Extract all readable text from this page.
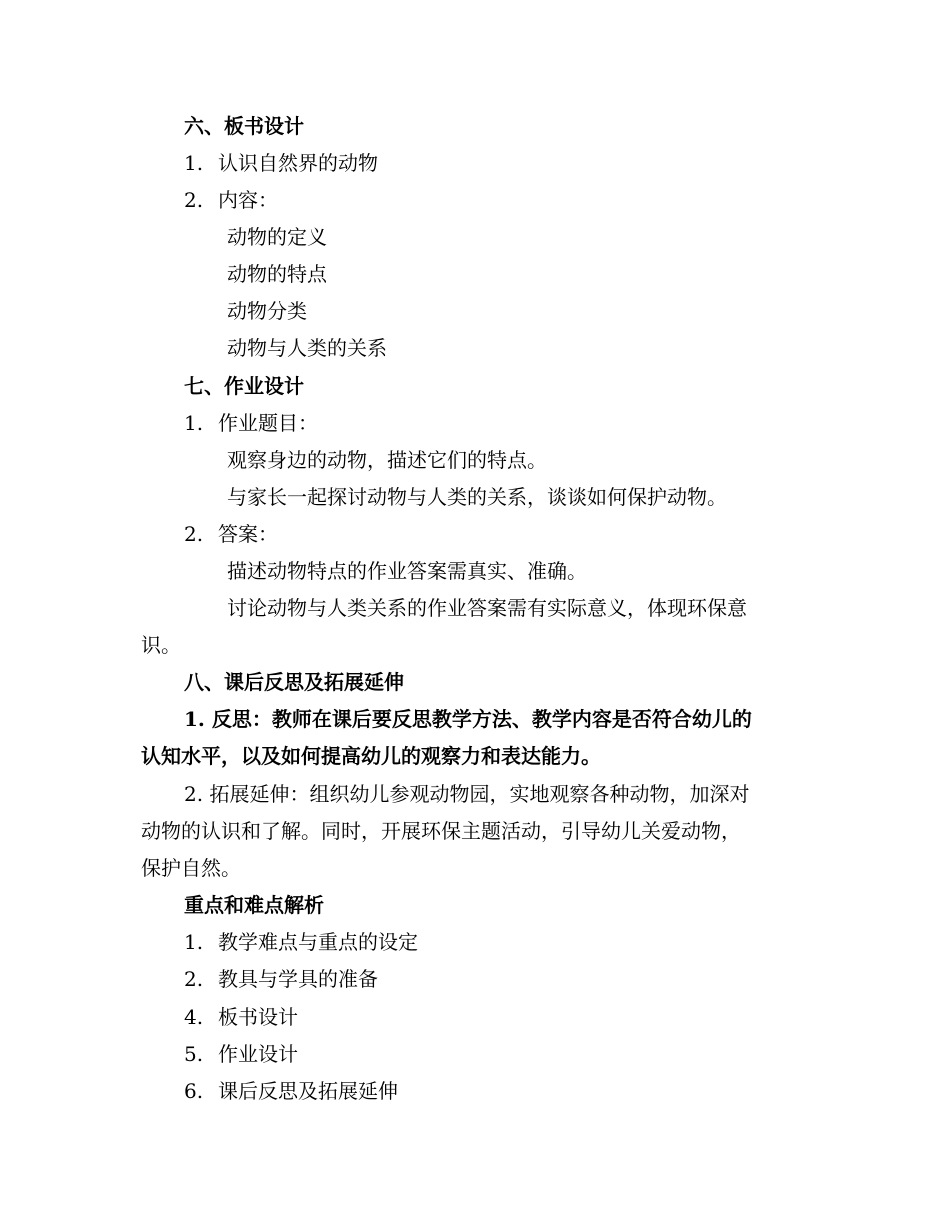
六、板书设计
1. 认识自然界的动物
2. 内容：
动物的定义
动物的特点
动物分类
动物与人类的关系
七、作业设计
1. 作业题目：
观察身边的动物，描述它们的特点。
与家长一起探讨动物与人类的关系，谈谈如何保护动物。
2. 答案：
描述动物特点的作业答案需真实、准确。
讨论动物与人类关系的作业答案需有实际意义，体现环保意
识。
八、课后反思及拓展延伸
1. 反思：教师在课后要反思教学方法、教学内容是否符合幼儿的
认知水平，以及如何提高幼儿的观察力和表达能力。
2. 拓展延伸：组织幼儿参观动物园，实地观察各种动物，加深对
动物的认识和了解。同时，开展环保主题活动，引导幼儿关爱动物，
保护自然。
重点和难点解析
1. 教学难点与重点的设定
2. 教具与学具的准备
4. 板书设计
5. 作业设计
6. 课后反思及拓展延伸
